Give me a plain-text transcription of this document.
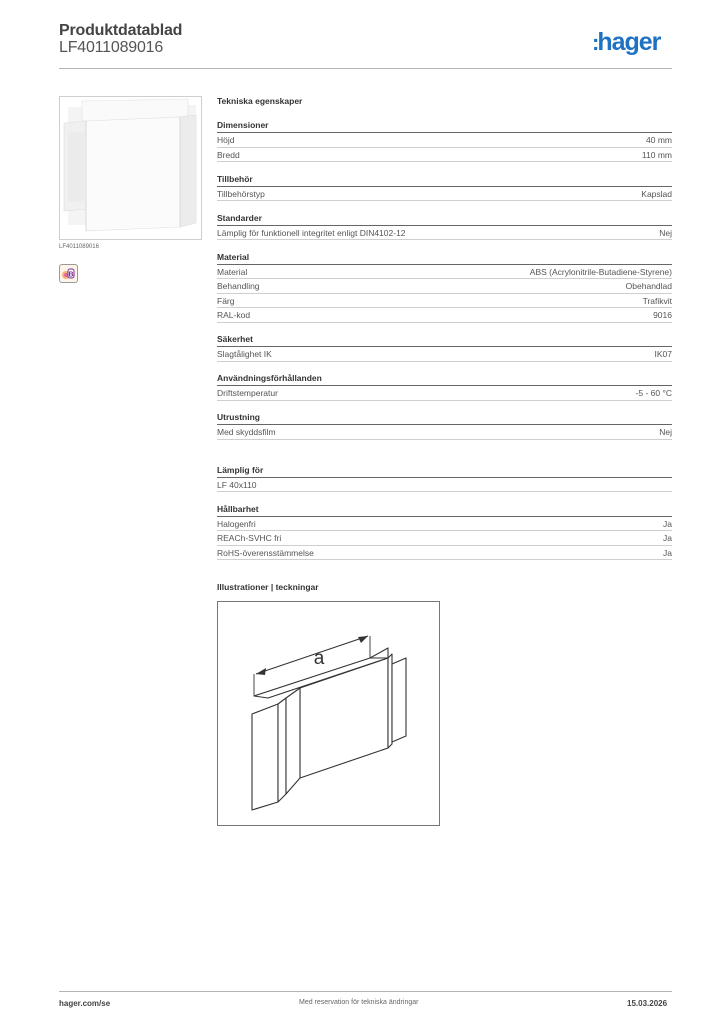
Produktdatablad
LF4011089016	:hager
LF4011089016
B
Tekniska egenskaper
Dimensioner
Höjd	40 mm
Bredd	110 mm
Tillbehör
Tillbehörstyp	Kapslad
Standarder
Lämplig för funktionell integritet enligt DIN4102-12	Nej
Material
Material	ABS (Acrylonitrile-Butadiene-Styrene)
Behandling	Obehandlad
Färg	Trafikvit
RAL-kod	9016
Säkerhet
Slagtålighet IK	IK07
Användningsförhållanden
Driftstemperatur	-5 - 60 °C
Utrustning
Med skyddsfilm	Nej
Lämplig för
LF 40x110
Hållbarhet
Halogenfri	Ja
REACh-SVHC fri	Ja
RoHS-överensstämmelse	Ja
Illustrationer | teckningar
a
hager.com/se	Med reservation för tekniska ändringar	15.03.2026
